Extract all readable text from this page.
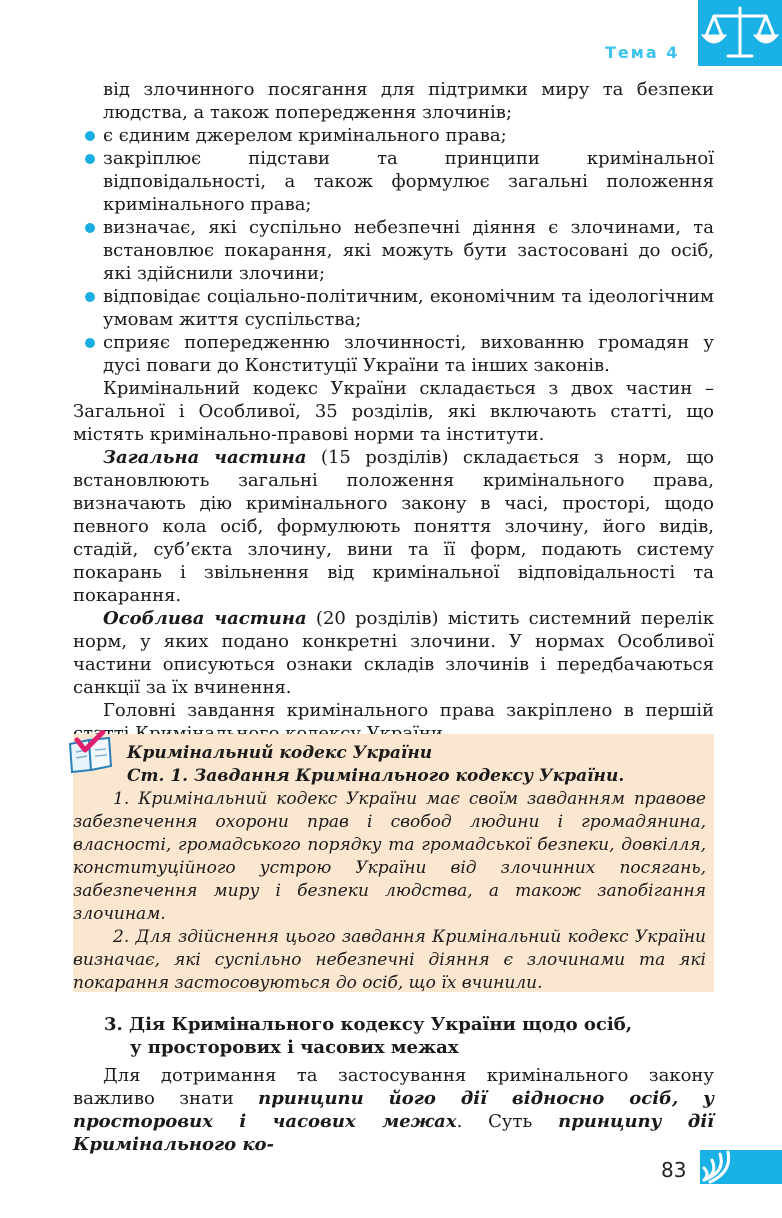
Тема 4

від злочинного посягання для підтримки миру та безпеки людства, а також попередження злочинів;

є єдиним джерелом кримінального права;

закріплює підстави та принципи кримінальної відповідальності, а також формулює загальні положення кримінального права;

визначає, які суспільно небезпечні діяння є злочинами, та встановлює покарання, які можуть бути застосовані до осіб, які здійснили злочини;

відповідає соціально-політичним, економічним та ідеологічним умовам життя суспільства;

сприяє попередженню злочинності, вихованню громадян у дусі поваги до Конституції України та інших законів.

Кримінальний кодекс України складається з двох частин – Загальної і Особливої, 35 розділів, які включають статті, що містять кримінально-правові норми та інститути.

Загальна частина (15 розділів) складається з норм, що встановлюють загальні положення кримінального права, визначають дію кримінального закону в часі, просторі, щодо певного кола осіб, формулюють поняття злочину, його видів, стадій, суб’єкта злочину, вини та її форм, подають систему покарань і звільнення від кримінальної відповідальності та покарання.

Особлива частина (20 розділів) містить системний перелік норм, у яких подано конкретні злочини. У нормах Особливої частини описуються ознаки складів злочинів і передбачаються санкції за їх вчинення.

Головні завдання кримінального права закріплено в першій

Кримінальний кодекс України

Ст. 1. Завдання Кримінального кодексу України.

1. Кримінальний кодекс України має своїм завданням правове забезпечення охорони прав і свобод людини і громадянина, власності, громадського порядку та громадської безпеки, довкілля, конституційного устрою України від злочинних посягань, забезпечення миру і безпеки людства, а також запобігання злочинам.

2. Для здійснення цього завдання Кримінальний кодекс України визначає, які суспільно небезпечні діяння є злочинами та які покарання застосовуються до осіб, що їх вчинили.

3. Дія Кримінального кодексу України щодо осіб,
у просторових і часових межах

Для дотримання та застосування кримінального закону важливо знати принципи його дії відносно осіб, у просторових і часових межах. Суть принципу дії Кримінального ко-

83
